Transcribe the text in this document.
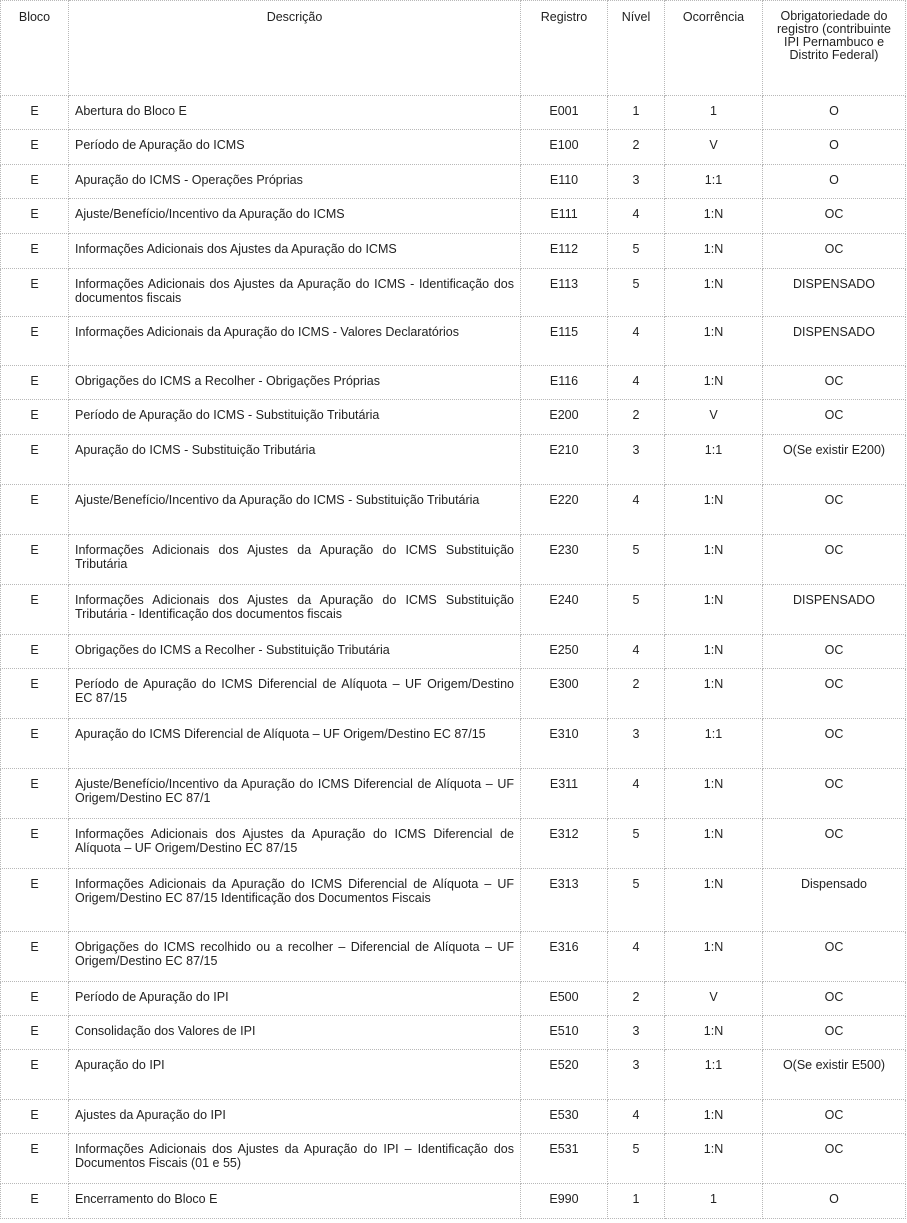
Bloco	Descrição	Registro	Nível	Ocorrência	Obrigatoriedade do registro (contribuinte IPI Pernambuco e Distrito Federal)
E	Abertura do Bloco E	E001	1	1	O
E	Período de Apuração do ICMS	E100	2	V	O
E	Apuração do ICMS - Operações Próprias	E110	3	1:1	O
E	Ajuste/Benefício/Incentivo da Apuração do ICMS	E111	4	1:N	OC
E	Informações Adicionais dos Ajustes da Apuração do ICMS	E112	5	1:N	OC
E	Informações Adicionais dos Ajustes da Apuração do ICMS - Identificação dos documentos fiscais	E113	5	1:N	DISPENSADO
E	Informações Adicionais da Apuração do ICMS - Valores Declaratórios	E115	4	1:N	DISPENSADO
E	Obrigações do ICMS a Recolher - Obrigações Próprias	E116	4	1:N	OC
E	Período de Apuração do ICMS - Substituição Tributária	E200	2	V	OC
E	Apuração do ICMS - Substituição Tributária	E210	3	1:1	O(Se existir E200)
E	Ajuste/Benefício/Incentivo da Apuração do ICMS - Substituição Tributária	E220	4	1:N	OC
E	Informações Adicionais dos Ajustes da Apuração do ICMS Substituição Tributária	E230	5	1:N	OC
E	Informações Adicionais dos Ajustes da Apuração do ICMS Substituição Tributária - Identificação dos documentos fiscais	E240	5	1:N	DISPENSADO
E	Obrigações do ICMS a Recolher - Substituição Tributária	E250	4	1:N	OC
E	Período de Apuração do ICMS Diferencial de Alíquota – UF Origem/Destino EC 87/15	E300	2	1:N	OC
E	Apuração do ICMS Diferencial de Alíquota – UF Origem/Destino EC 87/15	E310	3	1:1	OC
E	Ajuste/Benefício/Incentivo da Apuração do ICMS Diferencial de Alíquota – UF Origem/Destino EC 87/1	E311	4	1:N	OC
E	Informações Adicionais dos Ajustes da Apuração do ICMS Diferencial de Alíquota – UF Origem/Destino EC 87/15	E312	5	1:N	OC
E	Informações Adicionais da Apuração do ICMS Diferencial de Alíquota – UF Origem/Destino EC 87/15 Identificação dos Documentos Fiscais	E313	5	1:N	Dispensado
E	Obrigações do ICMS recolhido ou a recolher – Diferencial de Alíquota – UF Origem/Destino EC 87/15	E316	4	1:N	OC
E	Período de Apuração do IPI	E500	2	V	OC
E	Consolidação dos Valores de IPI	E510	3	1:N	OC
E	Apuração do IPI	E520	3	1:1	O(Se existir E500)
E	Ajustes da Apuração do IPI	E530	4	1:N	OC
E	Informações Adicionais dos Ajustes da Apuração do IPI – Identificação dos Documentos Fiscais (01 e 55)	E531	5	1:N	OC
E	Encerramento do Bloco E	E990	1	1	O
